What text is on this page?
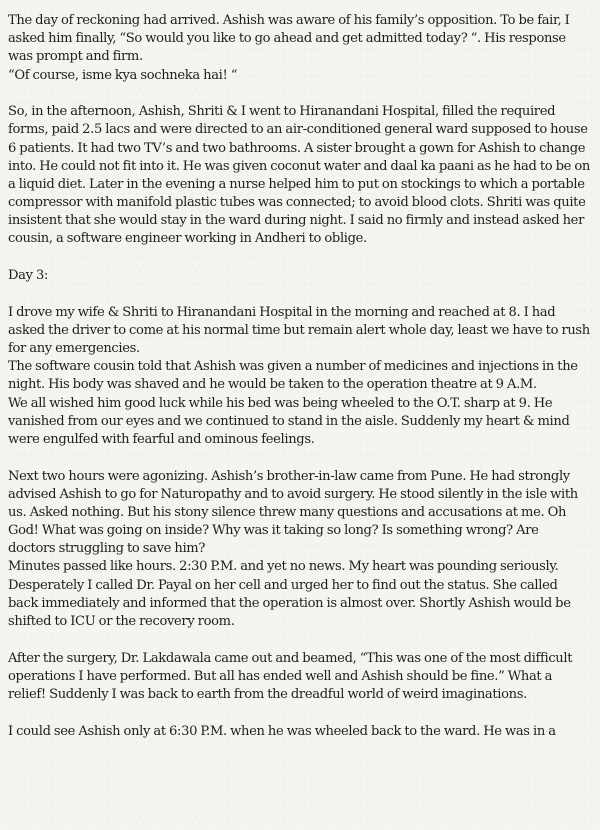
The day of reckoning had arrived. Ashish was aware of his family’s opposition. To be fair, I
asked him finally, “So would you like to go ahead and get admitted today? “. His response
was prompt and firm.
“Of course, isme kya sochneka hai! “
So, in the afternoon, Ashish, Shriti & I went to Hiranandani Hospital, filled the required
forms, paid 2.5 lacs and were directed to an air-conditioned general ward supposed to house
6 patients. It had two TV’s and two bathrooms. A sister brought a gown for Ashish to change
into. He could not fit into it. He was given coconut water and daal ka paani as he had to be on
a liquid diet. Later in the evening a nurse helped him to put on stockings to which a portable
compressor with manifold plastic tubes was connected; to avoid blood clots. Shriti was quite
insistent that she would stay in the ward during night. I said no firmly and instead asked her
cousin, a software engineer working in Andheri to oblige.
Day 3:
I drove my wife & Shriti to Hiranandani Hospital in the morning and reached at 8. I had
asked the driver to come at his normal time but remain alert whole day, least we have to rush
for any emergencies.
The software cousin told that Ashish was given a number of medicines and injections in the
night. His body was shaved and he would be taken to the operation theatre at 9 A.M.
We all wished him good luck while his bed was being wheeled to the O.T. sharp at 9. He
vanished from our eyes and we continued to stand in the aisle. Suddenly my heart & mind
were engulfed with fearful and ominous feelings.
Next two hours were agonizing. Ashish’s brother-in-law came from Pune. He had strongly
advised Ashish to go for Naturopathy and to avoid surgery. He stood silently in the isle with
us. Asked nothing. But his stony silence threw many questions and accusations at me. Oh
God! What was going on inside? Why was it taking so long? Is something wrong? Are
doctors struggling to save him?
Minutes passed like hours. 2:30 P.M. and yet no news. My heart was pounding seriously.
Desperately I called Dr. Payal on her cell and urged her to find out the status. She called
back immediately and informed that the operation is almost over. Shortly Ashish would be
shifted to ICU or the recovery room.
After the surgery, Dr. Lakdawala came out and beamed, “This was one of the most difficult
operations I have performed. But all has ended well and Ashish should be fine.” What a
relief! Suddenly I was back to earth from the dreadful world of weird imaginations.
I could see Ashish only at 6:30 P.M. when he was wheeled back to the ward. He was in a
